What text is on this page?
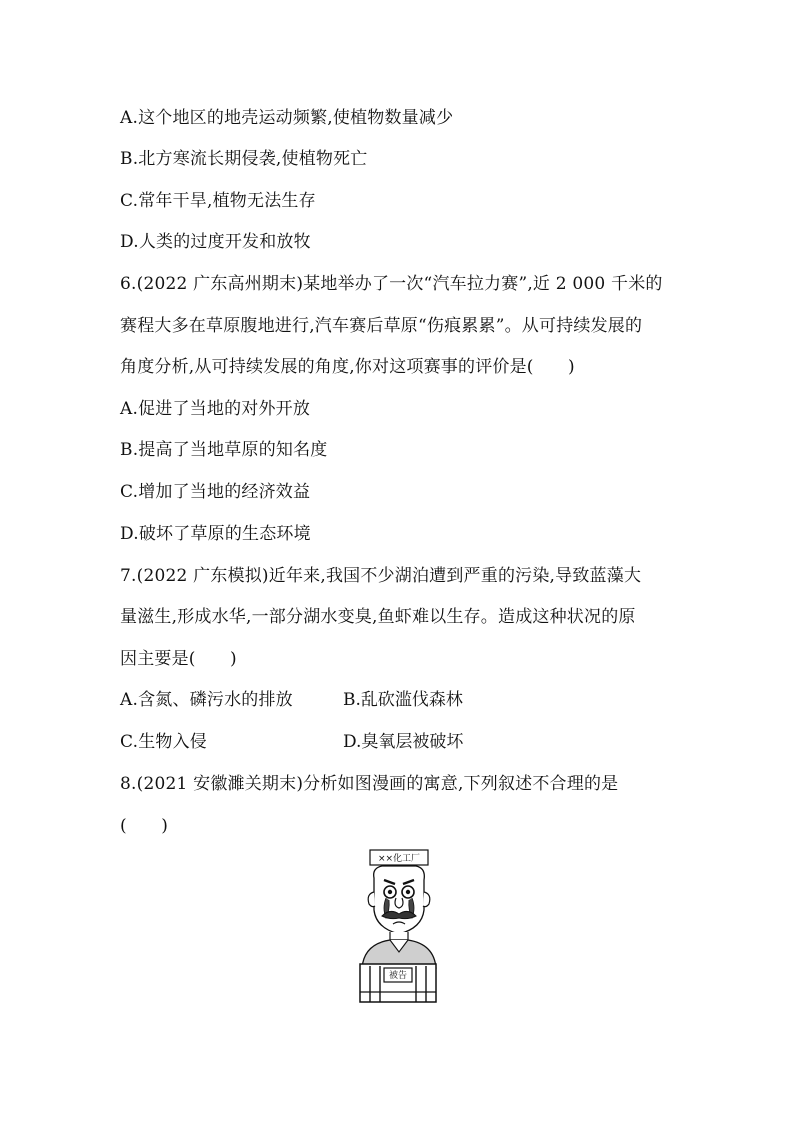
A.这个地区的地壳运动频繁,使植物数量减少
B.北方寒流长期侵袭,使植物死亡
C.常年干旱,植物无法生存
D.人类的过度开发和放牧
6.(2022 广东高州期末)某地举办了一次“汽车拉力赛”,近 2 000 千米的
赛程大多在草原腹地进行,汽车赛后草原“伤痕累累”。从可持续发展的
角度分析,从可持续发展的角度,你对这项赛事的评价是(　　)
A.促进了当地的对外开放
B.提高了当地草原的知名度
C.增加了当地的经济效益
D.破坏了草原的生态环境
7.(2022 广东模拟)近年来,我国不少湖泊遭到严重的污染,导致蓝藻大
量滋生,形成水华,一部分湖水变臭,鱼虾难以生存。造成这种状况的原
因主要是(　　)
A.含氮、磷污水的排放	B.乱砍滥伐森林
C.生物入侵	D.臭氧层被破坏
8.(2021 安徽濉关期末)分析如图漫画的寓意,下列叙述不合理的是
(　　)
××化工厂
被告
